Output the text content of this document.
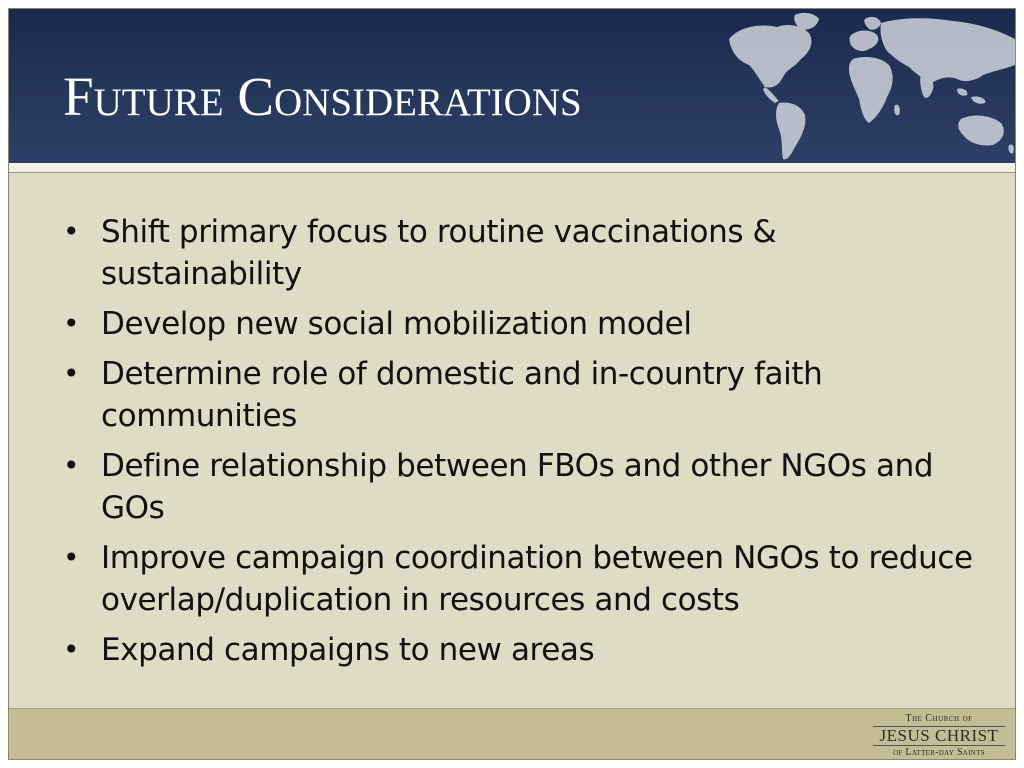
Future Considerations
• Shift primary focus to routine vaccinations & sustainability
• Develop new social mobilization model
• Determine role of domestic and in-country faith communities
• Define relationship between FBOs and other NGOs and GOs
• Improve campaign coordination between NGOs to reduce overlap/duplication in resources and costs
• Expand campaigns to new areas
The Church of
JESUS CHRIST
of Latter-day Saints
